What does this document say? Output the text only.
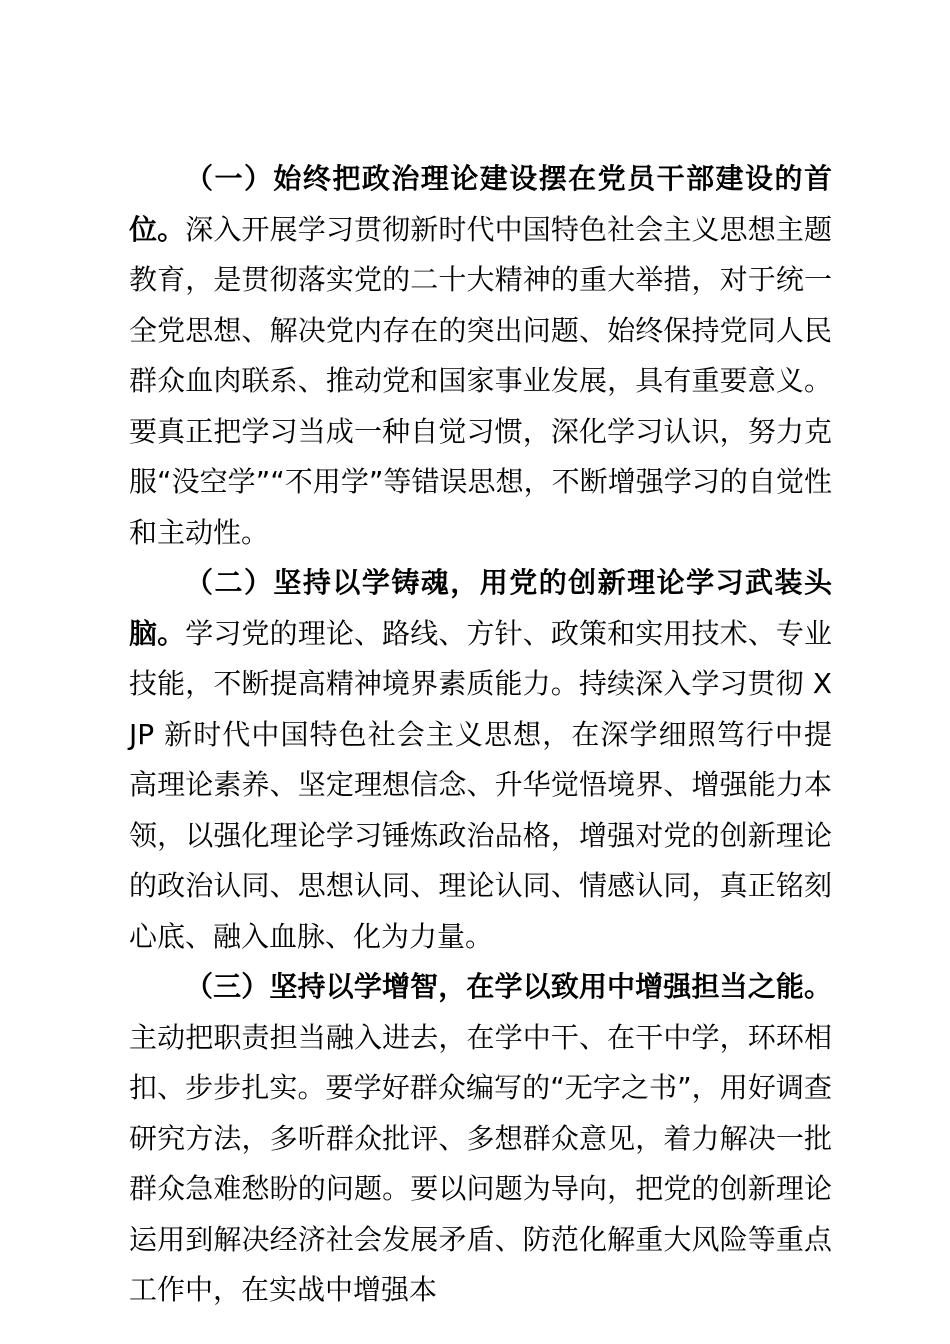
（一）始终把政治理论建设摆在党员干部建设的首位。深入开展学习贯彻新时代中国特色社会主义思想主题教育，是贯彻落实党的二十大精神的重大举措，对于统一全党思想、解决党内存在的突出问题、始终保持党同人民群众血肉联系、推动党和国家事业发展，具有重要意义。要真正把学习当成一种自觉习惯，深化学习认识，努力克服“没空学”“不用学”等错误思想，不断增强学习的自觉性和主动性。

（二）坚持以学铸魂，用党的创新理论学习武装头脑。学习党的理论、路线、方针、政策和实用技术、专业技能，不断提高精神境界素质能力。持续深入学习贯彻 XJP 新时代中国特色社会主义思想，在深学细照笃行中提高理论素养、坚定理想信念、升华觉悟境界、增强能力本领，以强化理论学习锤炼政治品格，增强对党的创新理论的政治认同、思想认同、理论认同、情感认同，真正铭刻心底、融入血脉、化为力量。

（三）坚持以学增智，在学以致用中增强担当之能。主动把职责担当融入进去，在学中干、在干中学，环环相扣、步步扎实。要学好群众编写的“无字之书”，用好调查研究方法，多听群众批评、多想群众意见，着力解决一批群众急难愁盼的问题。要以问题为导向，把党的创新理论运用到解决经济社会发展矛盾、防范化解重大风险等重点工作中，在实战中增强本
